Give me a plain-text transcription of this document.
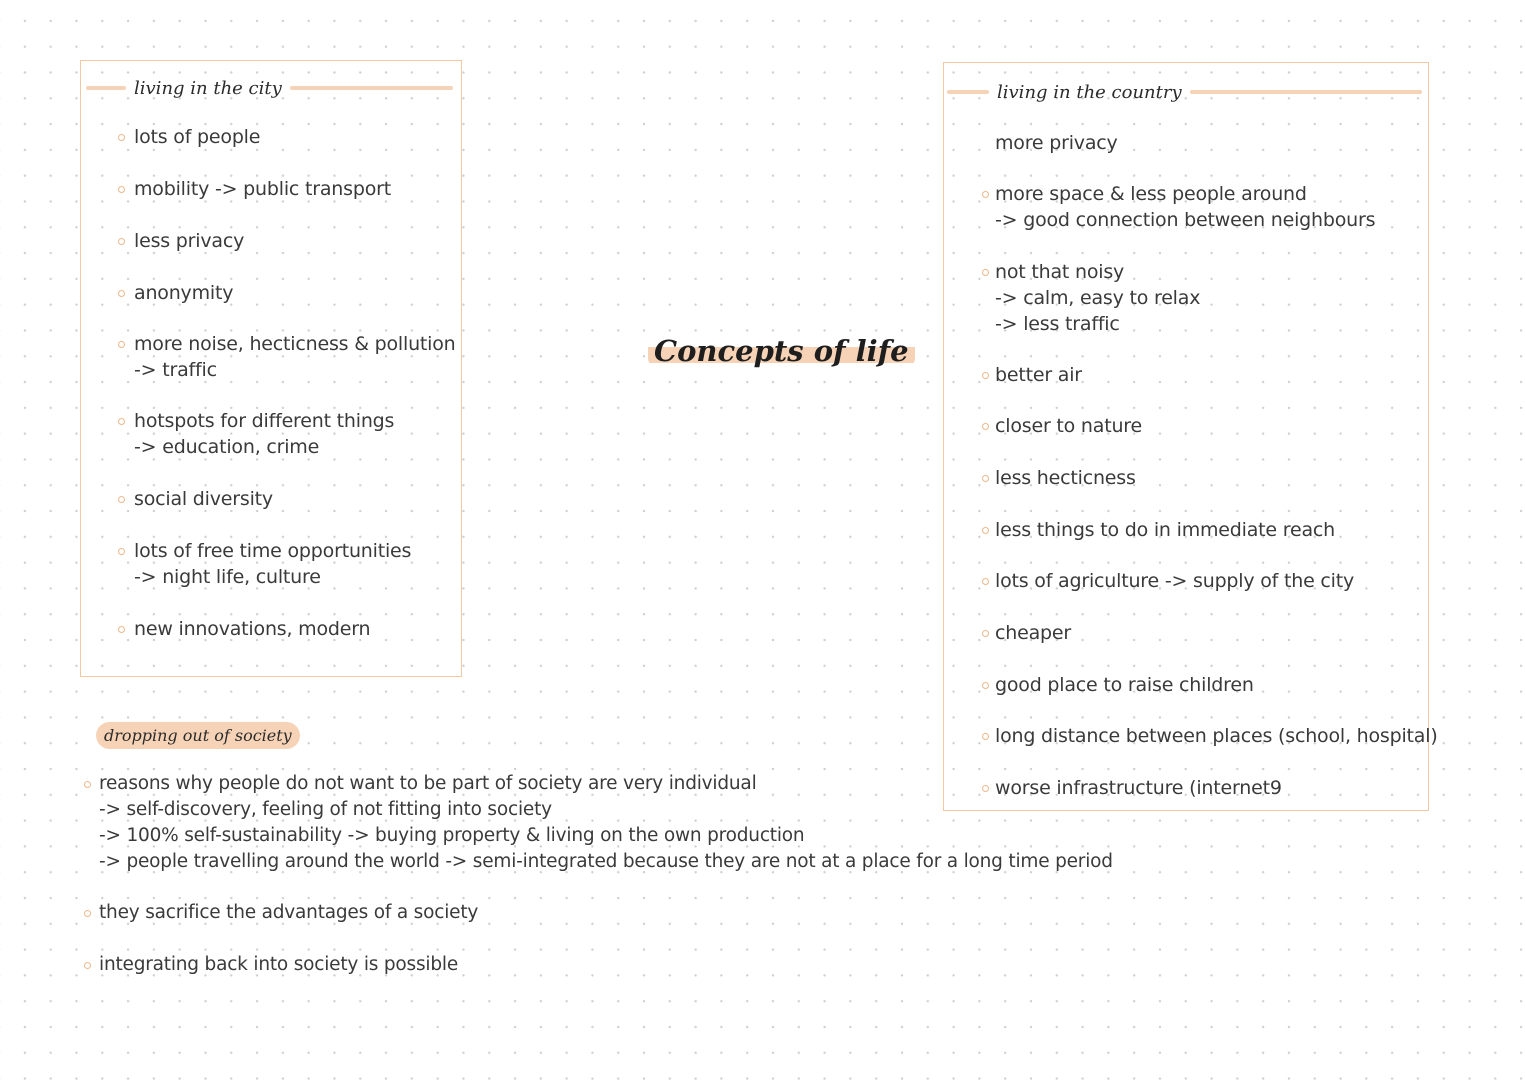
Concepts of life
living in the city
lots of people
mobility -> public transport
less privacy
anonymity
more noise, hecticness & pollution
-> traffic
hotspots for different things
-> education, crime
social diversity
lots of free time opportunities
-> night life, culture
new innovations, modern
living in the country
more privacy
more space & less people around
-> good connection between neighbours
not that noisy
-> calm, easy to relax
-> less traffic
better air
closer to nature
less hecticness
less things to do in immediate reach
lots of agriculture -> supply of the city
cheaper
good place to raise children
long distance between places (school, hospital)
worse infrastructure (internet9
dropping out of society
reasons why people do not want to be part of society are very individual
-> self-discovery, feeling of not fitting into society
-> 100% self-sustainability -> buying property & living on the own production
-> people travelling around the world -> semi-integrated because they are not at a place for a long time period
they sacrifice the advantages of a society
integrating back into society is possible
